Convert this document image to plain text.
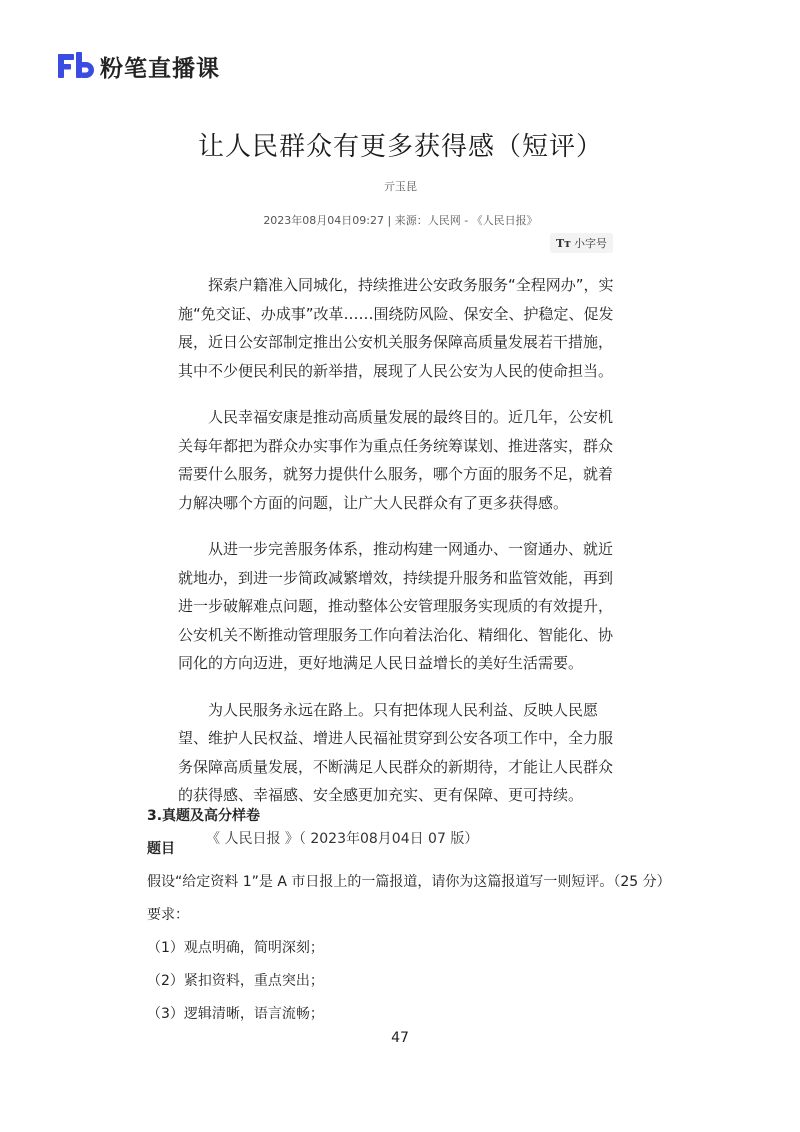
粉笔直播课
让人民群众有更多获得感（短评）
亓玉昆
2023年08月04日09:27 | 来源：人民网 - 《人民日报》
Tт 小字号

探索户籍准入同城化，持续推进公安政务服务“全程网办”，实施“免交证、办成事”改革……围绕防风险、保安全、护稳定、促发展，近日公安部制定推出公安机关服务保障高质量发展若干措施，其中不少便民利民的新举措，展现了人民公安为人民的使命担当。

人民幸福安康是推动高质量发展的最终目的。近几年，公安机关每年都把为群众办实事作为重点任务统筹谋划、推进落实，群众需要什么服务，就努力提供什么服务，哪个方面的服务不足，就着力解决哪个方面的问题，让广大人民群众有了更多获得感。

从进一步完善服务体系，推动构建一网通办、一窗通办、就近就地办，到进一步简政减繁增效，持续提升服务和监管效能，再到进一步破解难点问题，推动整体公安管理服务实现质的有效提升，公安机关不断推动管理服务工作向着法治化、精细化、智能化、协同化的方向迈进，更好地满足人民日益增长的美好生活需要。

为人民服务永远在路上。只有把体现人民利益、反映人民愿望、维护人民权益、增进人民福祉贯穿到公安各项工作中，全力服务保障高质量发展，不断满足人民群众的新期待，才能让人民群众的获得感、幸福感、安全感更加充实、更有保障、更可持续。

《 人民日报 》（ 2023年08月04日 07 版）
3.真题及高分样卷
题目
假设“给定资料 1”是 A 市日报上的一篇报道，请你为这篇报道写一则短评。（25 分）
要求：
（1）观点明确，简明深刻；
（2）紧扣资料，重点突出；
（3）逻辑清晰，语言流畅；
47
